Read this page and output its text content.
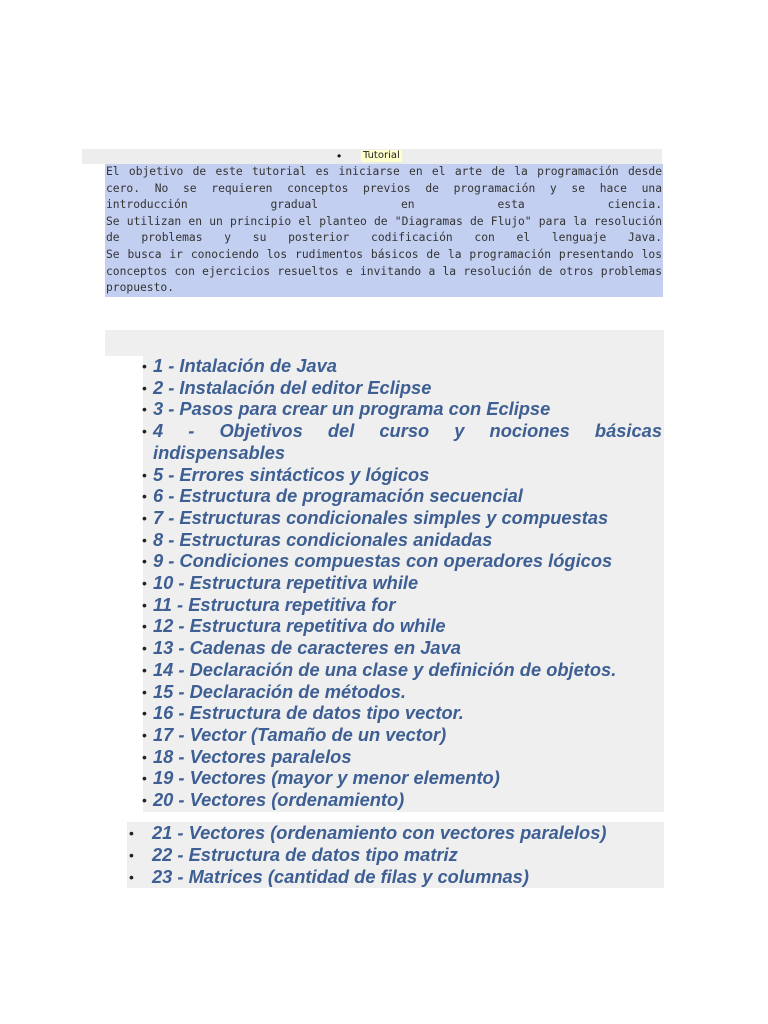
• Tutorial

El objetivo de este tutorial es iniciarse en el arte de la programación desde cero. No se requieren conceptos previos de programación y se hace una introducción gradual en esta ciencia.

Se utilizan en un principio el planteo de "Diagramas de Flujo" para la resolución de problemas y su posterior codificación con el lenguaje Java.

Se busca ir conociendo los rudimentos básicos de la programación presentando los conceptos con ejercicios resueltos e invitando a la resolución de otros problemas propuesto.

• 1 - Intalación de Java
• 2 - Instalación del editor Eclipse
• 3 - Pasos para crear un programa con Eclipse
• 4 - Objetivos del curso y nociones básicas
indispensables
• 5 - Errores sintácticos y lógicos
• 6 - Estructura de programación secuencial
• 7 - Estructuras condicionales simples y compuestas
• 8 - Estructuras condicionales anidadas
• 9 - Condiciones compuestas con operadores lógicos
• 10 - Estructura repetitiva while
• 11 - Estructura repetitiva for
• 12 - Estructura repetitiva do while
• 13 - Cadenas de caracteres en Java
• 14 - Declaración de una clase y definición de objetos.
• 15 - Declaración de métodos.
• 16 - Estructura de datos tipo vector.
• 17 - Vector (Tamaño de un vector)
• 18 - Vectores paralelos
• 19 - Vectores (mayor y menor elemento)
• 20 - Vectores (ordenamiento)
• 21 - Vectores (ordenamiento con vectores paralelos)
• 22 - Estructura de datos tipo matriz
• 23 - Matrices (cantidad de filas y columnas)
